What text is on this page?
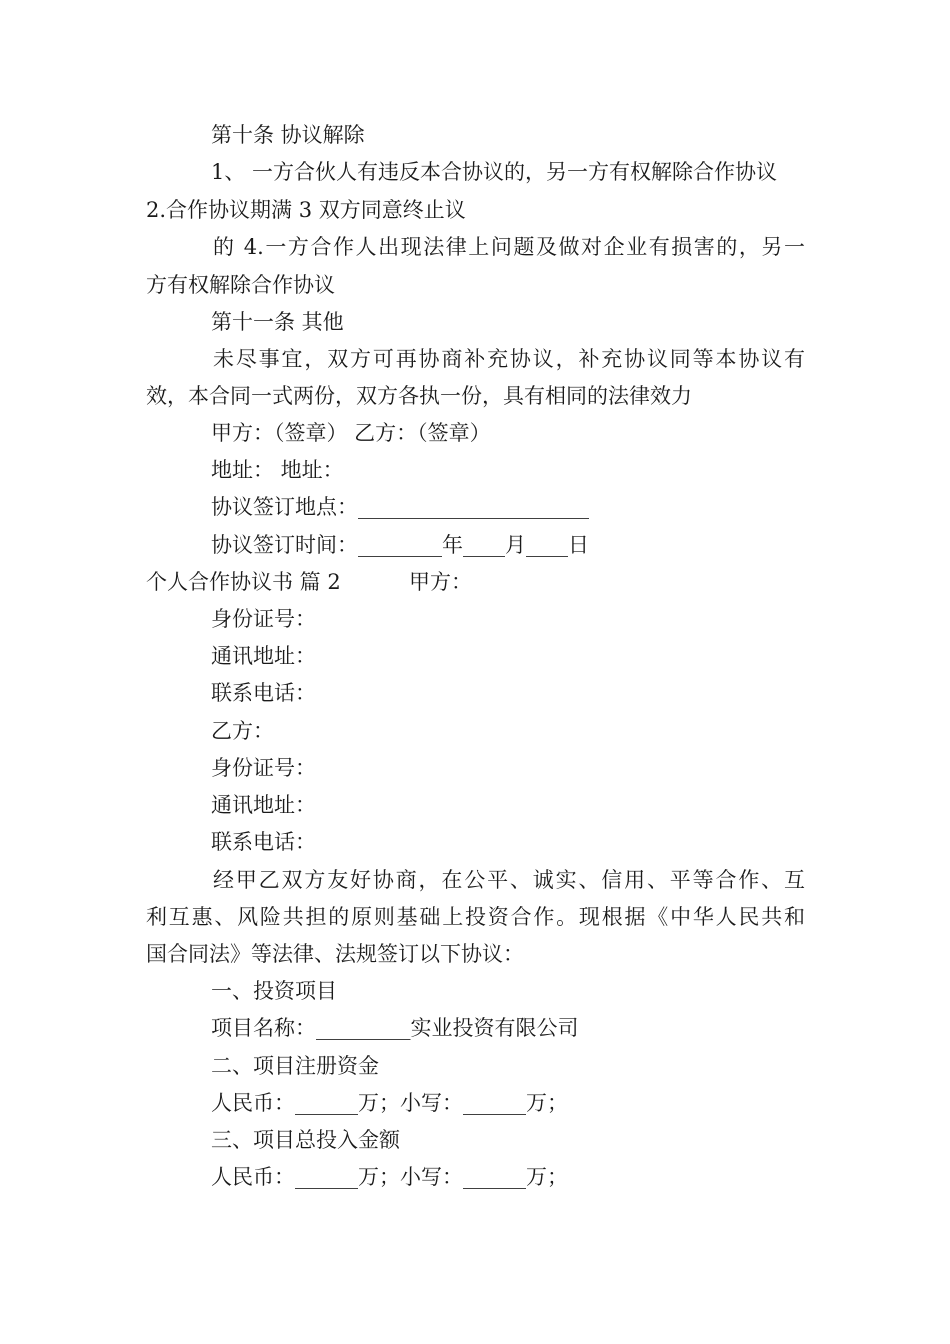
第十条 协议解除
1、 一方合伙人有违反本合协议的，另一方有权解除合作协议
2.合作协议期满 3 双方同意终止议
的 4.一方合作人出现法律上问题及做对企业有损害的，另一
方有权解除合作协议
第十一条 其他
未尽事宜，双方可再协商补充协议，补充协议同等本协议有
效，本合同一式两份，双方各执一份，具有相同的法律效力
甲方：（签章） 乙方：（签章）
地址： 地址：
协议签订地点：______________________
协议签订时间：________年____月____日
个人合作协议书 篇 2	甲方：
身份证号：
通讯地址：
联系电话：
乙方：
身份证号：
通讯地址：
联系电话：
经甲乙双方友好协商，在公平、诚实、信用、平等合作、互
利互惠、风险共担的原则基础上投资合作。现根据《中华人民共和
国合同法》等法律、法规签订以下协议：
一、投资项目
项目名称：_________实业投资有限公司
二、项目注册资金
人民币：______万；小写：______万；
三、项目总投入金额
人民币：______万；小写：______万；
